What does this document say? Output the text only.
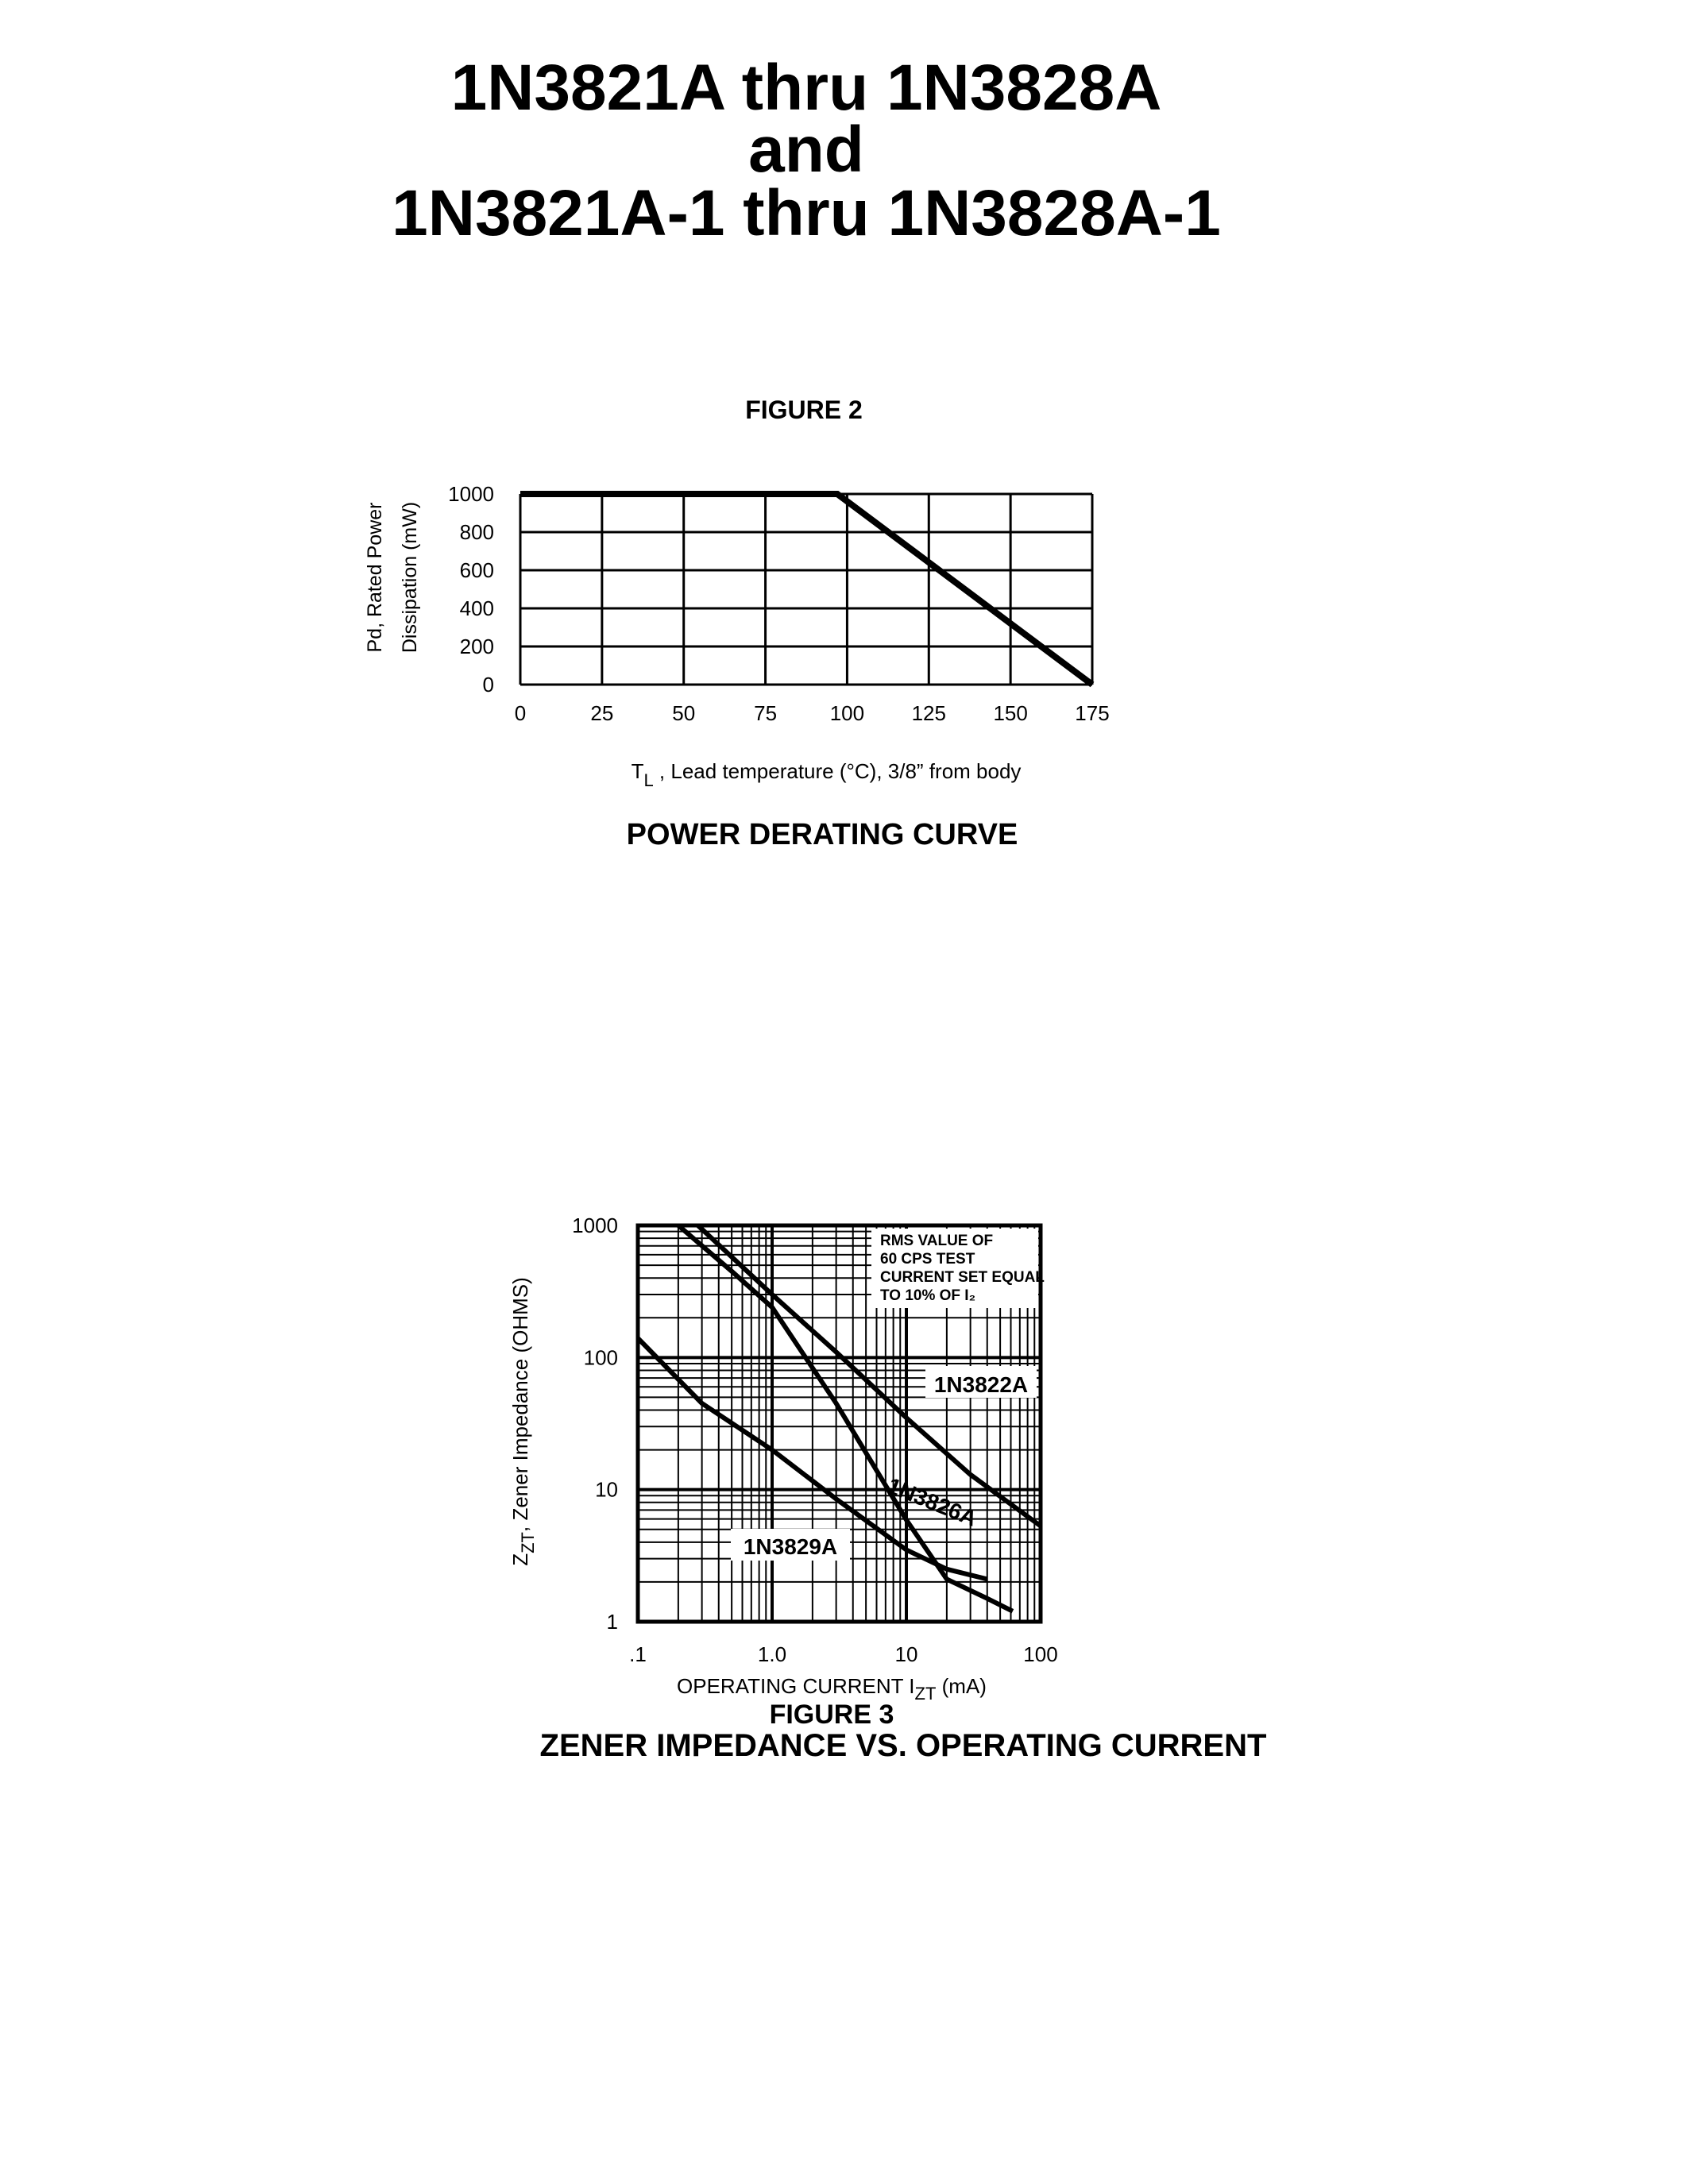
1N3821A thru 1N3828A
and
1N3821A-1 thru 1N3828A-1
FIGURE 2
POWER DERATING CURVE
FIGURE 3
ZENER IMPEDANCE VS. OPERATING CURRENT
0	25	50	75	100 125 150 175
0
200
400
600
800
1000
Pd, Rated Power Dissipation (mW)
$T_L$ , Lead temperature (°C), 3/8” from body
.1	1.0	10	100
1
10
100
1000
RMS VALUE OF
60 CPS TEST
CURRENT SET EQUAL
TO 10% OF I₂
1N3822A
1N3826A
1N3829A
$Z_{ZT}$, Zener Impedance (OHMS)
OPERATING CURRENT $I_{ZT}$ (mA)
